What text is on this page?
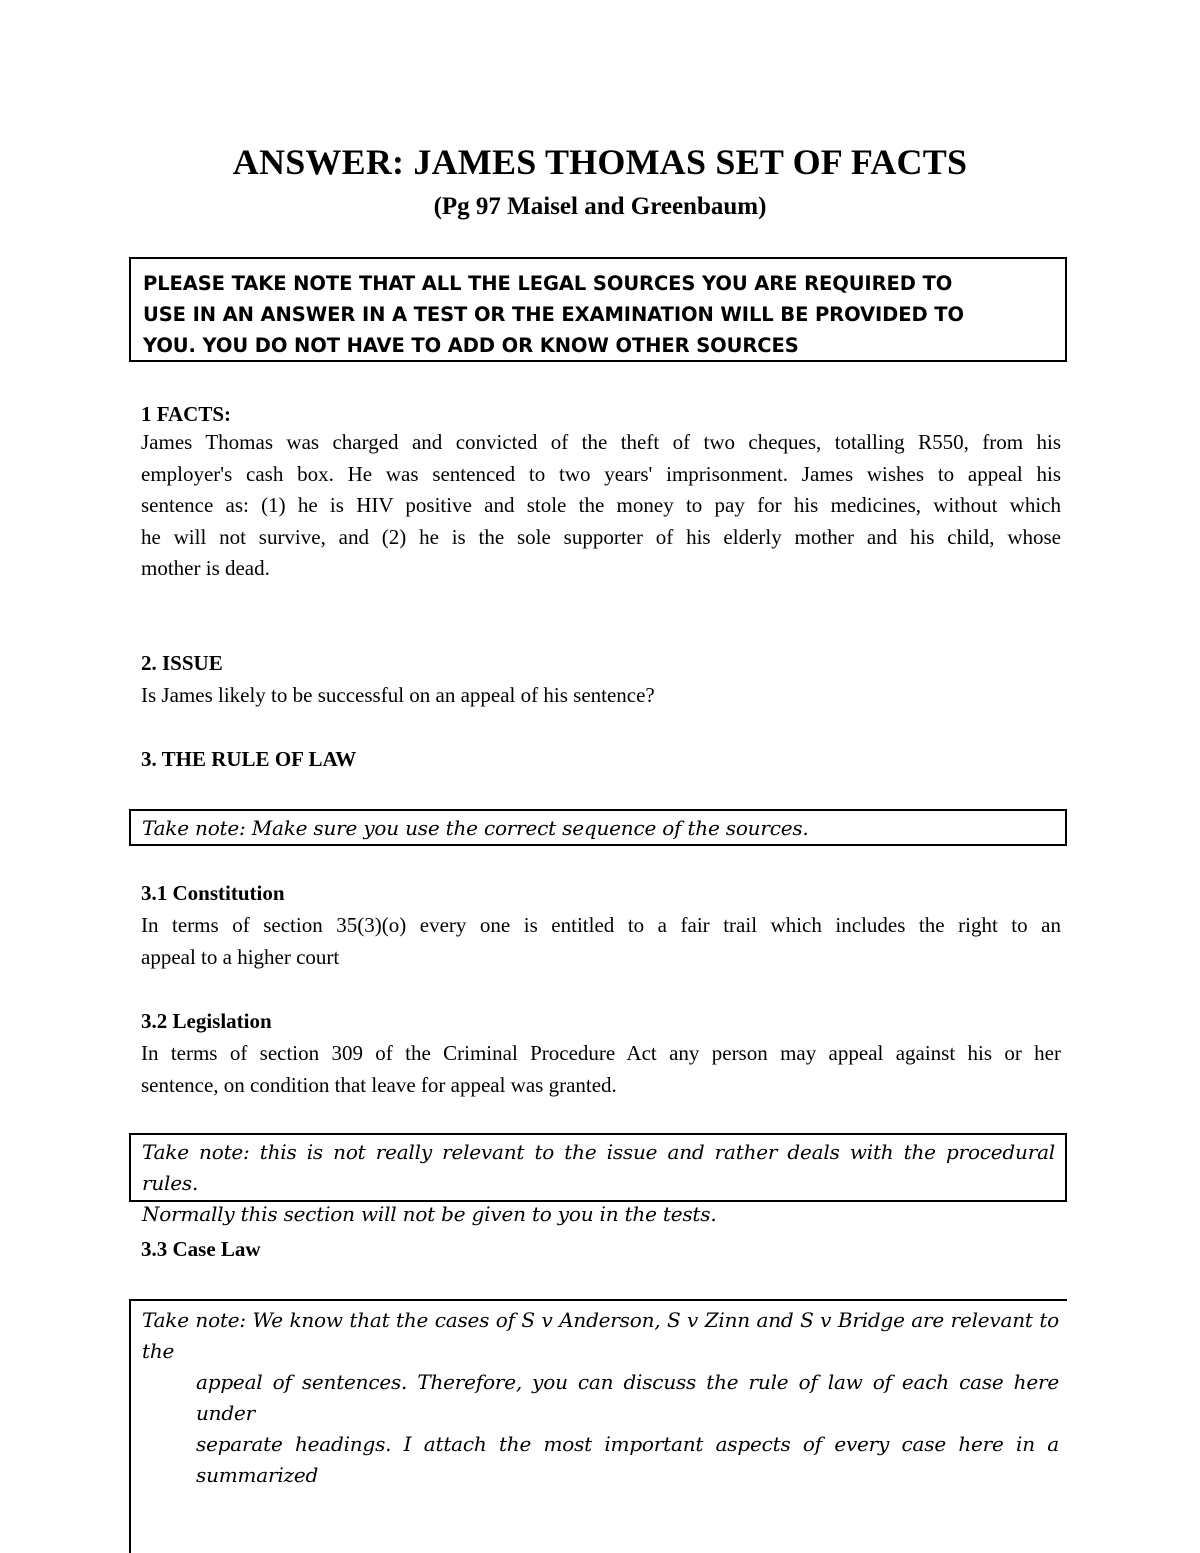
ANSWER: JAMES THOMAS SET OF FACTS
(Pg 97 Maisel and Greenbaum)
PLEASE TAKE NOTE THAT ALL THE LEGAL SOURCES YOU ARE REQUIRED TO
USE IN AN ANSWER IN A TEST OR THE EXAMINATION WILL BE PROVIDED TO
YOU. YOU DO NOT HAVE TO ADD OR KNOW OTHER SOURCES
1 FACTS:
James Thomas was charged and convicted of the theft of two cheques, totalling R550, from his
employer's cash box. He was sentenced to two years' imprisonment. James wishes to appeal his
sentence as: (1) he is HIV positive and stole the money to pay for his medicines, without which
he will not survive, and (2) he is the sole supporter of his elderly mother and his child, whose
mother is dead.
2. ISSUE
Is James likely to be successful on an appeal of his sentence?
3. THE RULE OF LAW
Take note: Make sure you use the correct sequence of the sources.
3.1 Constitution
In terms of section 35(3)(o) every one is entitled to a fair trail which includes the right to an
appeal to a higher court
3.2 Legislation
In terms of section 309 of the Criminal Procedure Act any person may appeal against his or her
sentence, on condition that leave for appeal was granted.
Take note: this is not really relevant to the issue and rather deals with the procedural rules.
Normally this section will not be given to you in the tests.
3.3 Case Law
Take note: We know that the cases of S v Anderson, S v Zinn and S v Bridge are relevant to the
appeal of sentences. Therefore, you can discuss the rule of law of each case here under
separate headings. I attach the most important aspects of every case here in a summarized
